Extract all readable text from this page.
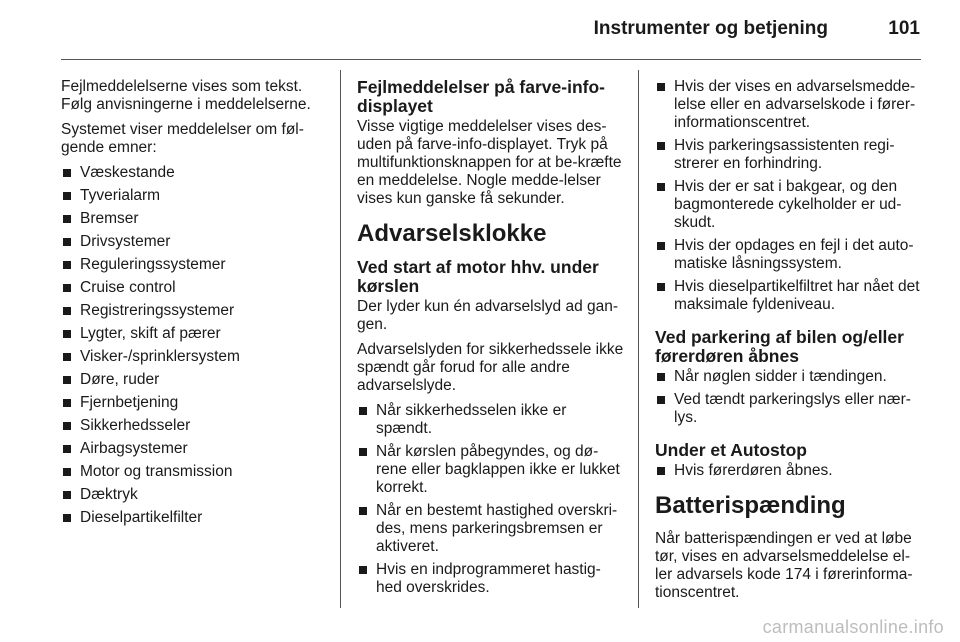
Instrumenter og betjening	101

Fejlmeddelelserne vises som tekst. Følg anvisningerne i meddelelserne.

Systemet viser meddelelser om føl-gende emner:

Væskestande
Tyverialarm
Bremser
Drivsystemer
Reguleringssystemer
Cruise control
Registreringssystemer
Lygter, skift af pærer
Visker-/sprinklersystem
Døre, ruder
Fjernbetjening
Sikkerhedsseler
Airbagsystemer
Motor og transmission
Dæktryk
Dieselpartikelfilter
Fejlmeddelelser på farve-info-displayet

Visse vigtige meddelelser vises des-uden på farve-info-displayet. Tryk på multifunktionsknappen for at be-kræfte en meddelelse. Nogle medde-lelser vises kun ganske få sekunder.

Advarselsklokke
Ved start af motor hhv. under kørslen

Der lyder kun én advarselslyd ad gan-gen.

Advarselslyden for sikkerhedssele ikke spændt går forud for alle andre advarselslyde.

Når sikkerhedsselen ikke er spændt.
Når kørslen påbegyndes, og dø-rene eller bagklappen ikke er lukket korrekt.
Når en bestemt hastighed overskri-des, mens parkeringsbremsen er aktiveret.
Hvis en indprogrammeret hastig-hed overskrides.
Hvis der vises en advarselsmedde-lelse eller en advarselskode i fører-informationscentret.
Hvis parkeringsassistenten regi-strerer en forhindring.
Hvis der er sat i bakgear, og den bagmonterede cykelholder er ud-skudt.
Hvis der opdages en fejl i det auto-matiske låsningssystem.
Hvis dieselpartikelfiltret har nået det maksimale fyldeniveau.
Ved parkering af bilen og/eller førerdøren åbnes
Når nøglen sidder i tændingen.
Ved tændt parkeringslys eller nær-lys.
Under et Autostop
Hvis førerdøren åbnes.
Batterispænding

Når batterispændingen er ved at løbe tør, vises en advarselsmeddelelse el-ler advarsels kode 174 i førerinforma-tionscentret.

carmanualsonline.info
